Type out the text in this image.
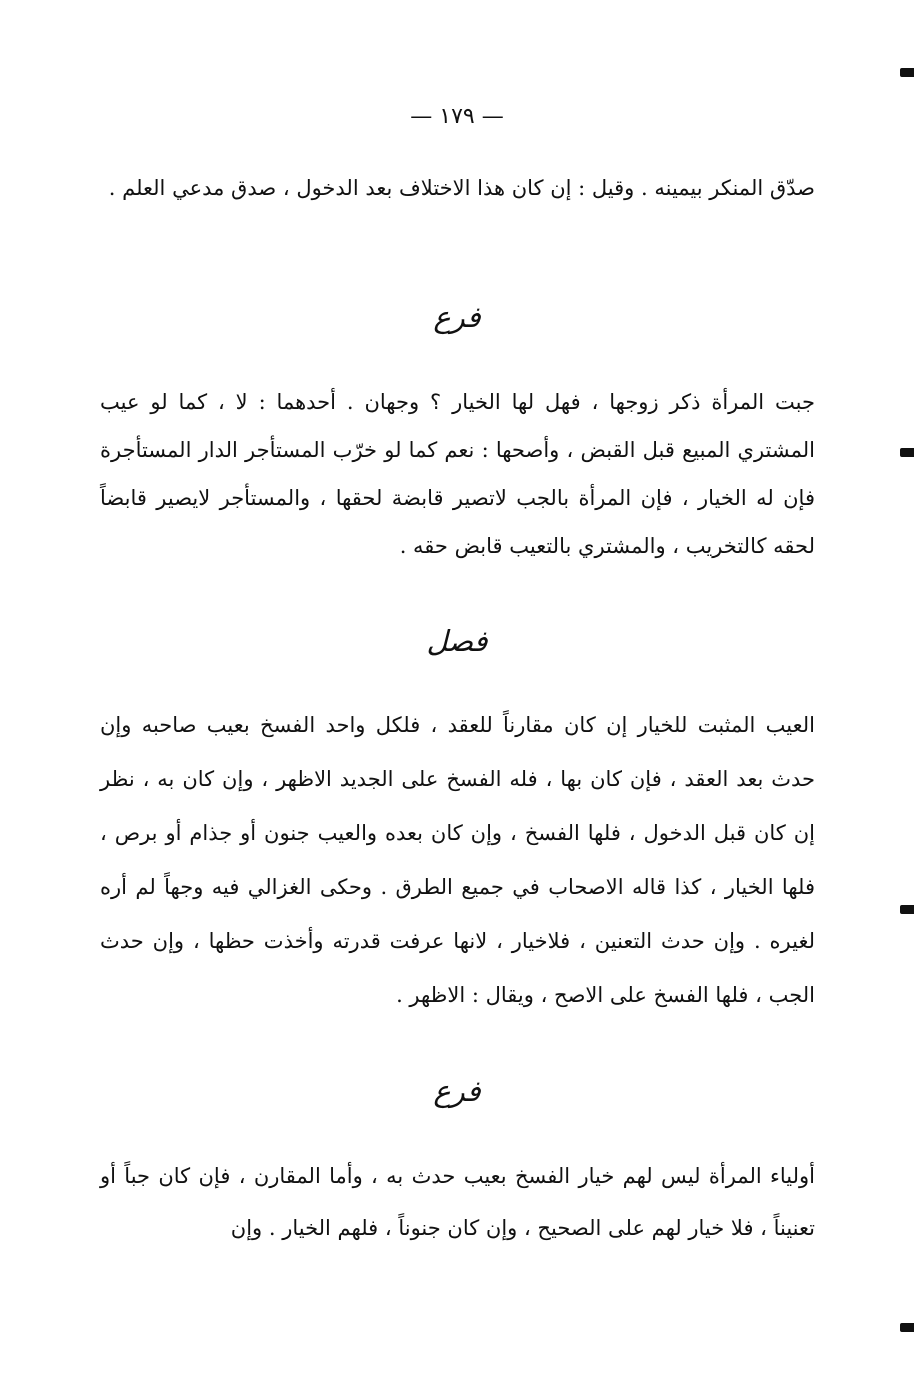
— ١٧٩ —

صدّق المنكر بيمينه . وقيل : إن كان هذا الاختلاف بعد الدخول ، صدق مدعي العلم .

فرع

جبت المرأة ذكر زوجها ، فهل لها الخيار ؟ وجهان . أحدهما : لا ، كما لو عيب المشتري المبيع قبل القبض ، وأصحها : نعم كما لو خرّب المستأجر الدار المستأجرة فإن له الخيار ، فإن المرأة بالجب لاتصير قابضة لحقها ، والمستأجر لايصير قابضاً لحقه كالتخريب ، والمشتري بالتعيب قابض حقه .

فصل

العيب المثبت للخيار إن كان مقارناً للعقد ، فلكل واحد الفسخ بعيب صاحبه وإن حدث بعد العقد ، فإن كان بها ، فله الفسخ على الجديد الاظهر ، وإن كان به ، نظر إن كان قبل الدخول ، فلها الفسخ ، وإن كان بعده والعيب جنون أو جذام أو برص ، فلها الخيار ، كذا قاله الاصحاب في جميع الطرق . وحكى الغزالي فيه وجهاً لم أره لغيره . وإن حدث التعنين ، فلاخيار ، لانها عرفت قدرته وأخذت حظها ، وإن حدث الجب ، فلها الفسخ على الاصح ، ويقال : الاظهر .

فرع

أولياء المرأة ليس لهم خيار الفسخ بعيب حدث به ، وأما المقارن ، فإن كان جباً أو تعنيناً ، فلا خيار لهم على الصحيح ، وإن كان جنوناً ، فلهم الخيار . وإن
